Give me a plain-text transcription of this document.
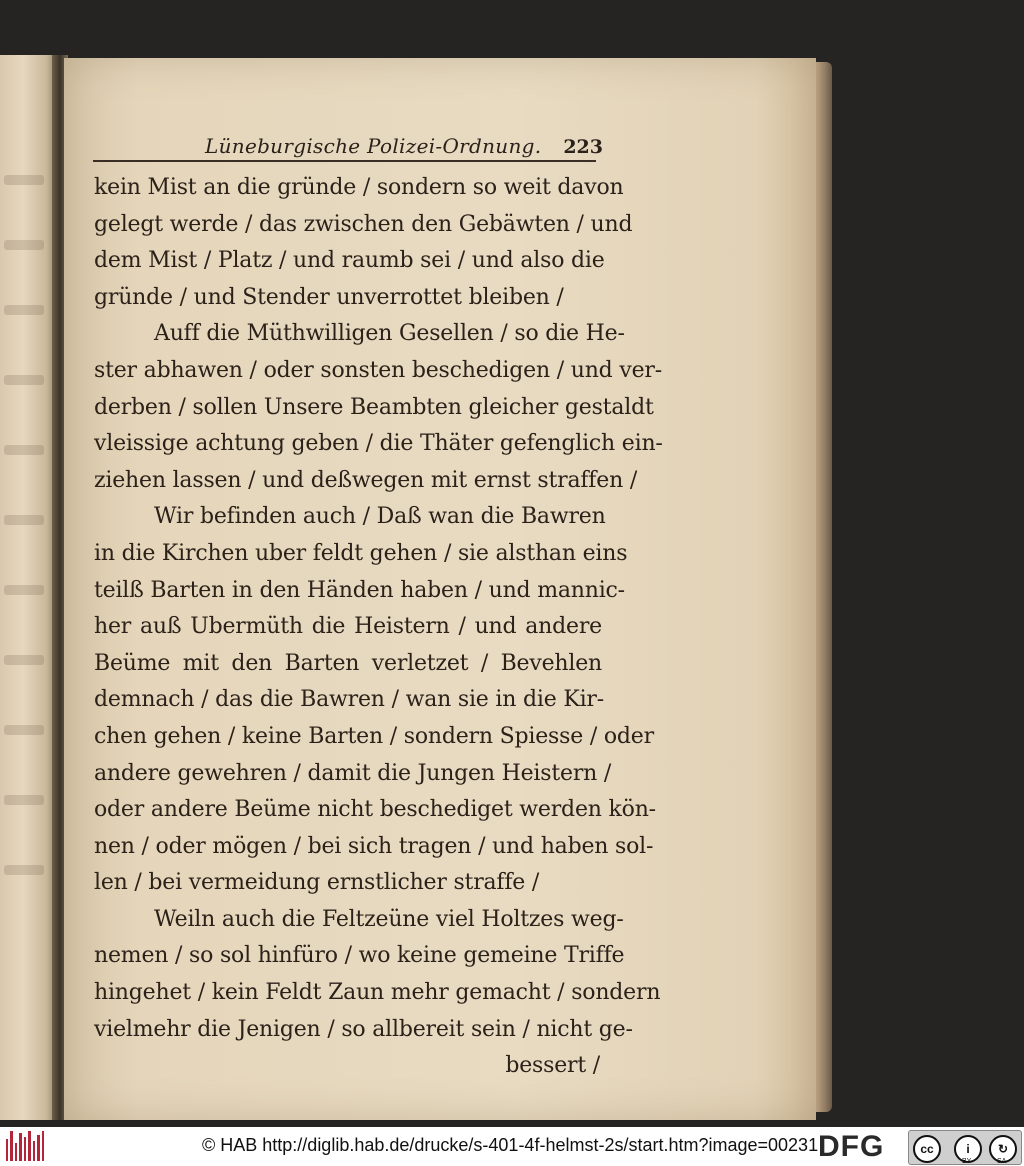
Lüneburgische Polizei-Ordnung. 223
kein Mist an die gründe / sondern so weit davon
gelegt werde / das zwischen den Gebäwten / und
dem Mist / Platz / und raumb sei / und also die
gründe / und Stender unverrottet bleiben /
Auff die Müthwilligen Gesellen / so die He-
ster abhawen / oder sonsten beschedigen / und ver-
derben / sollen Unsere Beambten gleicher gestaldt
vleissige achtung geben / die Thäter gefenglich ein-
ziehen lassen / und deßwegen mit ernst straffen /
Wir befinden auch / Daß wan die Bawren
in die Kirchen uber feldt gehen / sie alsthan eins
teilß Barten in den Händen haben / und mannic-
her auß Ubermüth die Heistern / und andere
Beüme mit den Barten verletzet / Bevehlen
demnach / das die Bawren / wan sie in die Kir-
chen gehen / keine Barten / sondern Spiesse / oder
andere gewehren / damit die Jungen Heistern /
oder andere Beüme nicht beschediget werden kön-
nen / oder mögen / bei sich tragen / und haben sol-
len / bei vermeidung ernstlicher straffe /
Weiln auch die Feltzeüne viel Holtzes weg-
nemen / so sol hinfüro / wo keine gemeine Triffe
hingehet / kein Feldt Zaun mehr gemacht / sondern
vielmehr die Jenigen / so allbereit sein / nicht ge-
bessert /
© HAB http://diglib.hab.de/drucke/s-401-4f-helmst-2s/start.htm?image=00231 DFG	cc	i	↻
BY	SA
